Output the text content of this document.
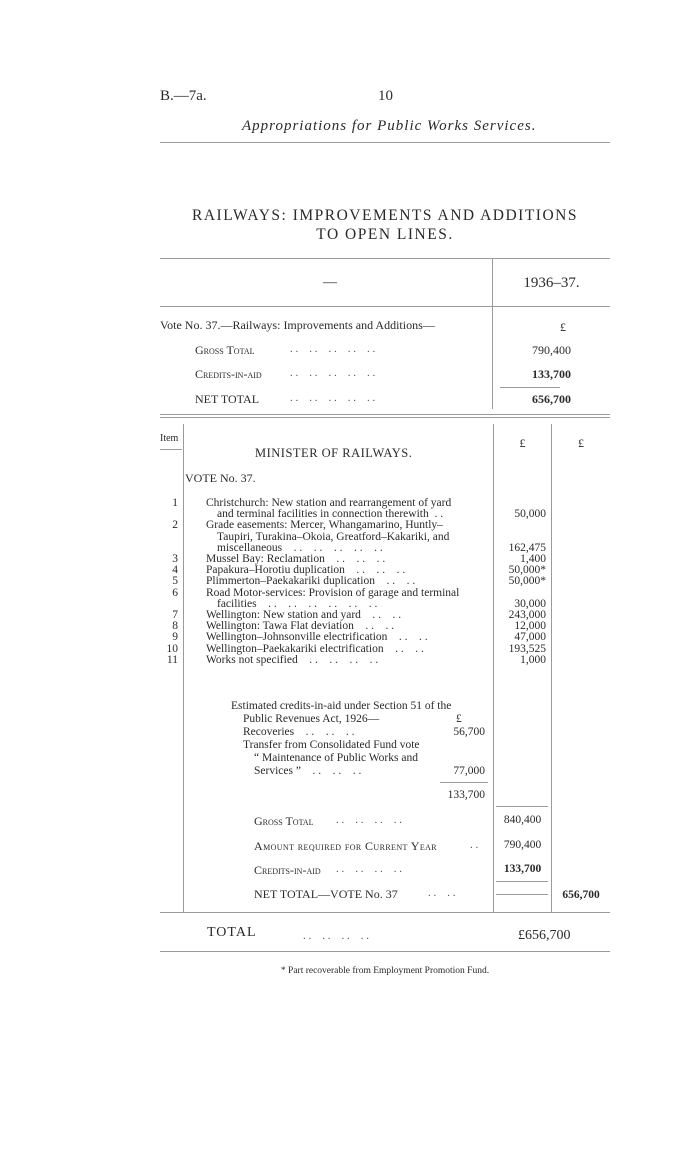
B.—7a.	10
Appropriations for Public Works Services.
RAILWAYS: IMPROVEMENTS AND ADDITIONS
TO OPEN LINES.
—	1936–37.
Vote No. 37.—Railways: Improvements and Additions—	£
Gross Total	. .    . .    . .    . .    . .	790,400
Credits-in-aid	. .    . .    . .    . .    . .	133,700
NET TOTAL	. .    . .    . .    . .    . .	656,700
Item	£	£
MINISTER OF RAILWAYS.
VOTE No. 37.
1 Christchurch: New station and rearrangement of yard
and terminal facilities in connection therewith  . .	50,000
2 Grade easements: Mercer, Whangamarino, Huntly–
Taupiri, Turakina–Okoia, Greatford–Kakariki, and
miscellaneous    . .    . .    . .    . .    . .	162,475
3 Mussel Bay: Reclamation    . .    . .    . .	1,400
4 Papakura–Horotiu duplication    . .    . .    . .	50,000*
5 Plimmerton–Paekakariki duplication    . .    . .	50,000*
6 Road Motor-services: Provision of garage and terminal
facilities    . .    . .    . .    . .    . .    . .	30,000
7 Wellington: New station and yard    . .    . .	243,000
8 Wellington: Tawa Flat deviation    . .    . .	12,000
9 Wellington–Johnsonville electrification    . .    . .	47,000
10 Wellington–Paekakariki electrification    . .    . .	193,525
11 Works not specified    . .    . .    . .    . .	1,000
Estimated credits-in-aid under Section 51 of the
Public Revenues Act, 1926—	£
Recoveries    . .    . .    . .	56,700
Transfer from Consolidated Fund vote
“ Maintenance of Public Works and
Services ”    . .    . .    . .	77,000
133,700
Gross Total . .    . .    . .    . .	840,400
Amount required for Current Year	. .	790,400
Credits-in-aid . .    . .    . .    . .	133,700
NET TOTAL—VOTE No. 37	. .    . .	656,700
TOTAL	. .    . .    . .    . .	£656,700
* Part recoverable from Employment Promotion Fund.
